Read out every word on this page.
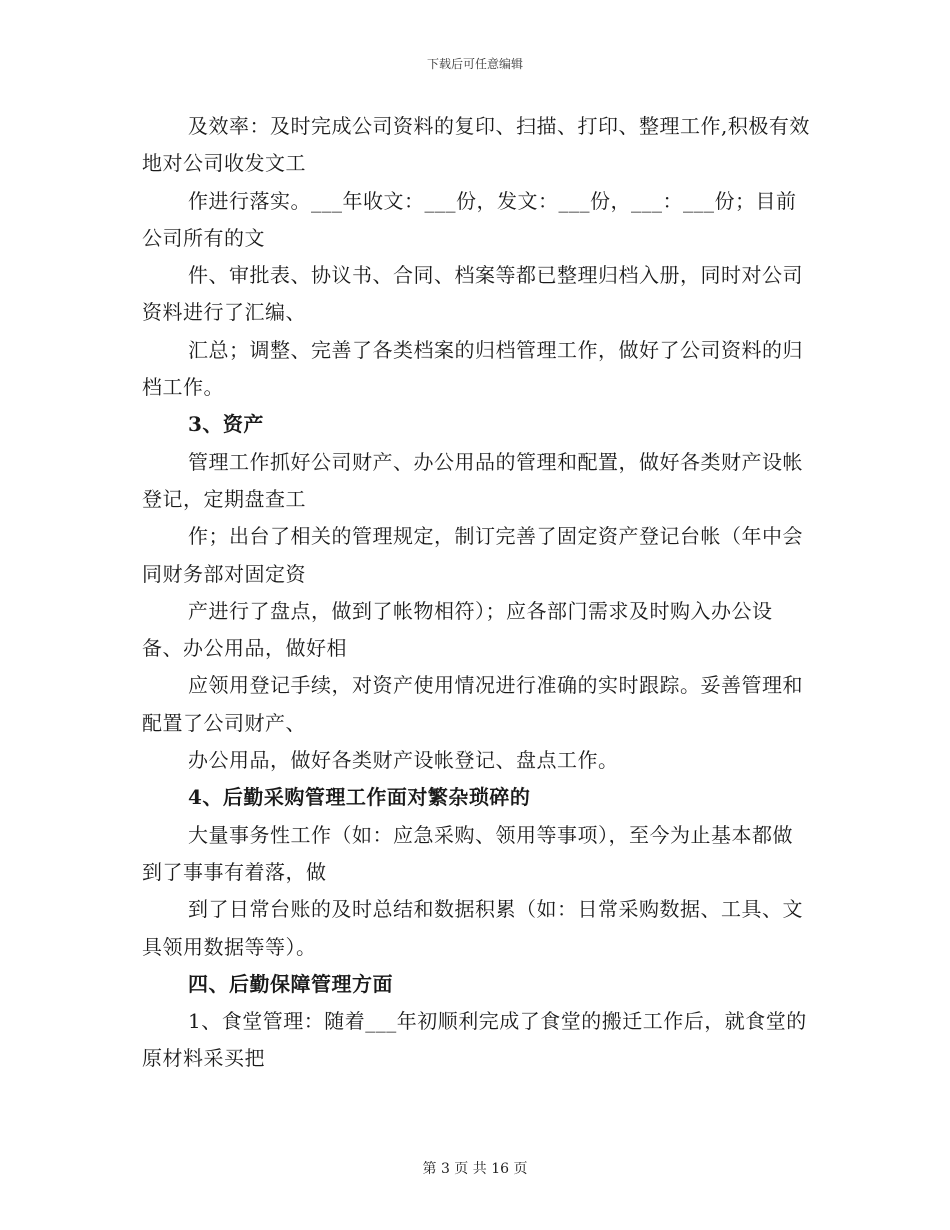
下载后可任意编辑

及效率：及时完成公司资料的复印、扫描、打印、整理工作,积极有效地对公司收发文工

作进行落实。___年收文：___份，发文：___份，___：___份；目前公司所有的文

件、审批表、协议书、合同、档案等都已整理归档入册，同时对公司资料进行了汇编、

汇总；调整、完善了各类档案的归档管理工作，做好了公司资料的归档工作。

3、资产

管理工作抓好公司财产、办公用品的管理和配置，做好各类财产设帐登记，定期盘查工

作；出台了相关的管理规定，制订完善了固定资产登记台帐（年中会同财务部对固定资

产进行了盘点，做到了帐物相符）；应各部门需求及时购入办公设备、办公用品，做好相

应领用登记手续，对资产使用情况进行准确的实时跟踪。妥善管理和配置了公司财产、

办公用品，做好各类财产设帐登记、盘点工作。

4、后勤采购管理工作面对繁杂琐碎的

大量事务性工作（如：应急采购、领用等事项），至今为止基本都做到了事事有着落，做

到了日常台账的及时总结和数据积累（如：日常采购数据、工具、文具领用数据等等）。

四、后勤保障管理方面

1、食堂管理：随着___年初顺利完成了食堂的搬迁工作后，就食堂的原材料采买把

第 3 页 共 16 页
